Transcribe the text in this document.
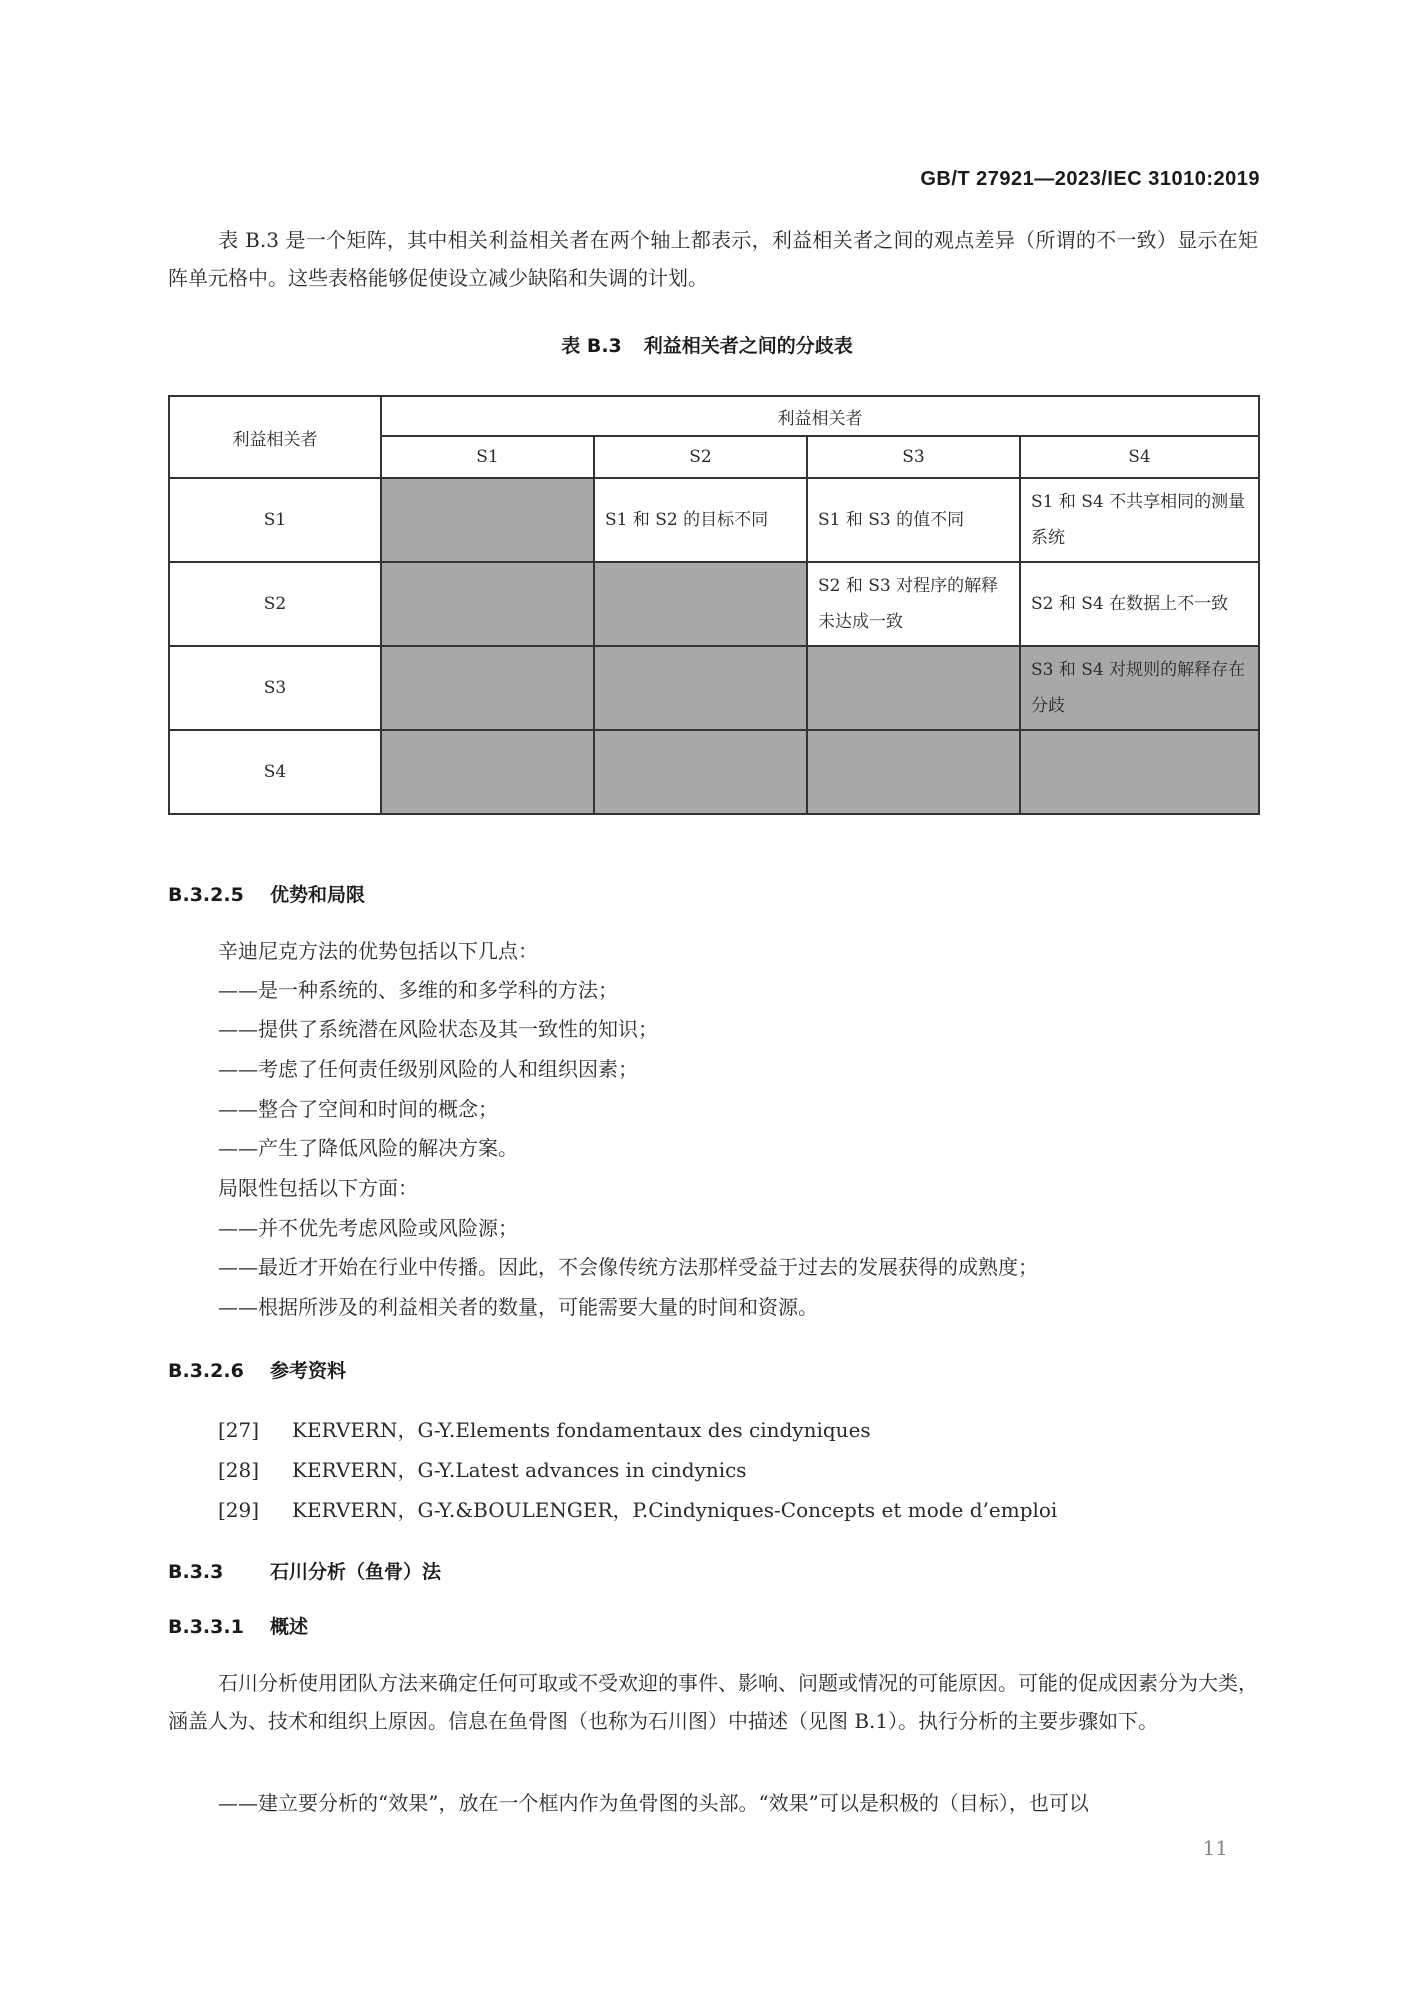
GB/T 27921—2023/IEC 31010:2019
表 B.3 是一个矩阵，其中相关利益相关者在两个轴上都表示，利益相关者之间的观点差异（所谓的不一致）显示在矩阵单元格中。这些表格能够促使设立减少缺陷和失调的计划。
表 B.3 利益相关者之间的分歧表
利益相关者	利益相关者			
	S1	S2	S3	S4
S1		S1 和 S2 的目标不同	S1 和 S3 的值不同	S1 和 S4 不共享相同的测量系统
S2			S2 和 S3 对程序的解释未达成一致	S2 和 S4 在数据上不一致
S3				S3 和 S4 对规则的解释存在分歧
S4				
B.3.2.5 优势和局限
辛迪尼克方法的优势包括以下几点：
——是一种系统的、多维的和多学科的方法；
——提供了系统潜在风险状态及其一致性的知识；
——考虑了任何责任级别风险的人和组织因素；
——整合了空间和时间的概念；
——产生了降低风险的解决方案。
局限性包括以下方面：
——并不优先考虑风险或风险源；
——最近才开始在行业中传播。因此，不会像传统方法那样受益于过去的发展获得的成熟度；
——根据所涉及的利益相关者的数量，可能需要大量的时间和资源。
B.3.2.6 参考资料
[27] KERVERN，G-Y.Elements fondamentaux des cindyniques
[28] KERVERN，G-Y.Latest advances in cindynics
[29] KERVERN，G-Y.&BOULENGER，P.Cindyniques-Concepts et mode d’emploi
B.3.3 石川分析（鱼骨）法
B.3.3.1 概述
石川分析使用团队方法来确定任何可取或不受欢迎的事件、影响、问题或情况的可能原因。可能的促成因素分为大类，涵盖人为、技术和组织上原因。信息在鱼骨图（也称为石川图）中描述（见图 B.1）。执行分析的主要步骤如下。
——建立要分析的“效果”，放在一个框内作为鱼骨图的头部。“效果”可以是积极的（目标），也可以
11
